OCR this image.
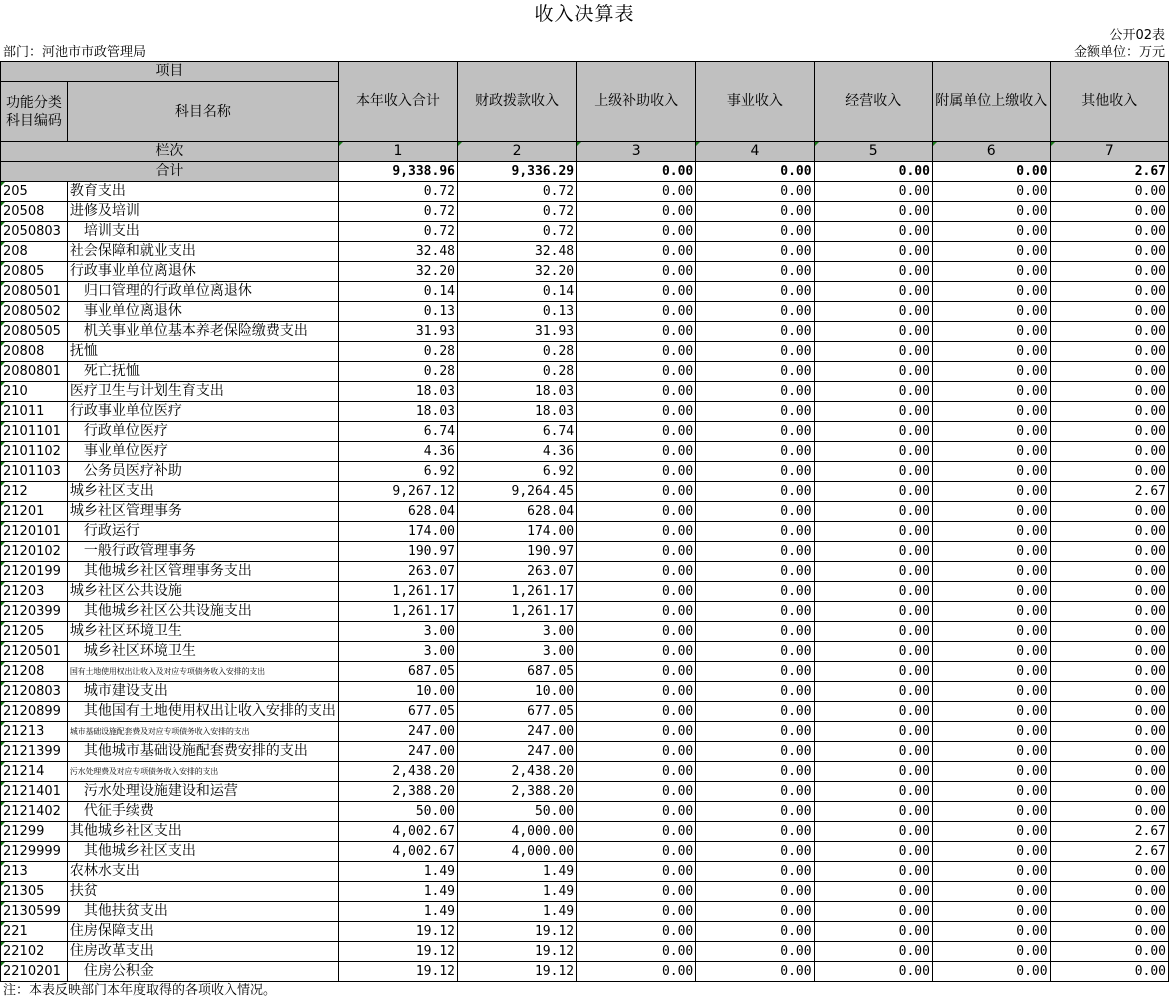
收入决算表
公开02表
部门：河池市市政管理局	金额单位：万元
项目		本年收入合计	财政拨款收入	上级补助收入	事业收入	经营收入	附属单位上缴收入	其他收入
功能分类科目编码	科目名称							
栏次		1	2	3	4	5	6	7
合计		9,338.96	9,336.29	0.00	0.00	0.00	0.00	2.67
205	教育支出	0.72	0.72	0.00	0.00	0.00	0.00	0.00
20508	进修及培训	0.72	0.72	0.00	0.00	0.00	0.00	0.00
2050803	培训支出	0.72	0.72	0.00	0.00	0.00	0.00	0.00
208	社会保障和就业支出	32.48	32.48	0.00	0.00	0.00	0.00	0.00
20805	行政事业单位离退休	32.20	32.20	0.00	0.00	0.00	0.00	0.00
2080501	归口管理的行政单位离退休	0.14	0.14	0.00	0.00	0.00	0.00	0.00
2080502	事业单位离退休	0.13	0.13	0.00	0.00	0.00	0.00	0.00
2080505	机关事业单位基本养老保险缴费支出	31.93	31.93	0.00	0.00	0.00	0.00	0.00
20808	抚恤	0.28	0.28	0.00	0.00	0.00	0.00	0.00
2080801	死亡抚恤	0.28	0.28	0.00	0.00	0.00	0.00	0.00
210	医疗卫生与计划生育支出	18.03	18.03	0.00	0.00	0.00	0.00	0.00
21011	行政事业单位医疗	18.03	18.03	0.00	0.00	0.00	0.00	0.00
2101101	行政单位医疗	6.74	6.74	0.00	0.00	0.00	0.00	0.00
2101102	事业单位医疗	4.36	4.36	0.00	0.00	0.00	0.00	0.00
2101103	公务员医疗补助	6.92	6.92	0.00	0.00	0.00	0.00	0.00
212	城乡社区支出	9,267.12	9,264.45	0.00	0.00	0.00	0.00	2.67
21201	城乡社区管理事务	628.04	628.04	0.00	0.00	0.00	0.00	0.00
2120101	行政运行	174.00	174.00	0.00	0.00	0.00	0.00	0.00
2120102	一般行政管理事务	190.97	190.97	0.00	0.00	0.00	0.00	0.00
2120199	其他城乡社区管理事务支出	263.07	263.07	0.00	0.00	0.00	0.00	0.00
21203	城乡社区公共设施	1,261.17	1,261.17	0.00	0.00	0.00	0.00	0.00
2120399	其他城乡社区公共设施支出	1,261.17	1,261.17	0.00	0.00	0.00	0.00	0.00
21205	城乡社区环境卫生	3.00	3.00	0.00	0.00	0.00	0.00	0.00
2120501	城乡社区环境卫生	3.00	3.00	0.00	0.00	0.00	0.00	0.00
21208	国有土地使用权出让收入及对应专项债务收入安排的支出	687.05	687.05	0.00	0.00	0.00	0.00	0.00
2120803	城市建设支出	10.00	10.00	0.00	0.00	0.00	0.00	0.00
2120899	其他国有土地使用权出让收入安排的支出	677.05	677.05	0.00	0.00	0.00	0.00	0.00
21213	城市基础设施配套费及对应专项债务收入安排的支出	247.00	247.00	0.00	0.00	0.00	0.00	0.00
2121399	其他城市基础设施配套费安排的支出	247.00	247.00	0.00	0.00	0.00	0.00	0.00
21214	污水处理费及对应专项债务收入安排的支出	2,438.20	2,438.20	0.00	0.00	0.00	0.00	0.00
2121401	污水处理设施建设和运营	2,388.20	2,388.20	0.00	0.00	0.00	0.00	0.00
2121402	代征手续费	50.00	50.00	0.00	0.00	0.00	0.00	0.00
21299	其他城乡社区支出	4,002.67	4,000.00	0.00	0.00	0.00	0.00	2.67
2129999	其他城乡社区支出	4,002.67	4,000.00	0.00	0.00	0.00	0.00	2.67
213	农林水支出	1.49	1.49	0.00	0.00	0.00	0.00	0.00
21305	扶贫	1.49	1.49	0.00	0.00	0.00	0.00	0.00
2130599	其他扶贫支出	1.49	1.49	0.00	0.00	0.00	0.00	0.00
221	住房保障支出	19.12	19.12	0.00	0.00	0.00	0.00	0.00
22102	住房改革支出	19.12	19.12	0.00	0.00	0.00	0.00	0.00
2210201	住房公积金	19.12	19.12	0.00	0.00	0.00	0.00	0.00
注：本表反映部门本年度取得的各项收入情况。
